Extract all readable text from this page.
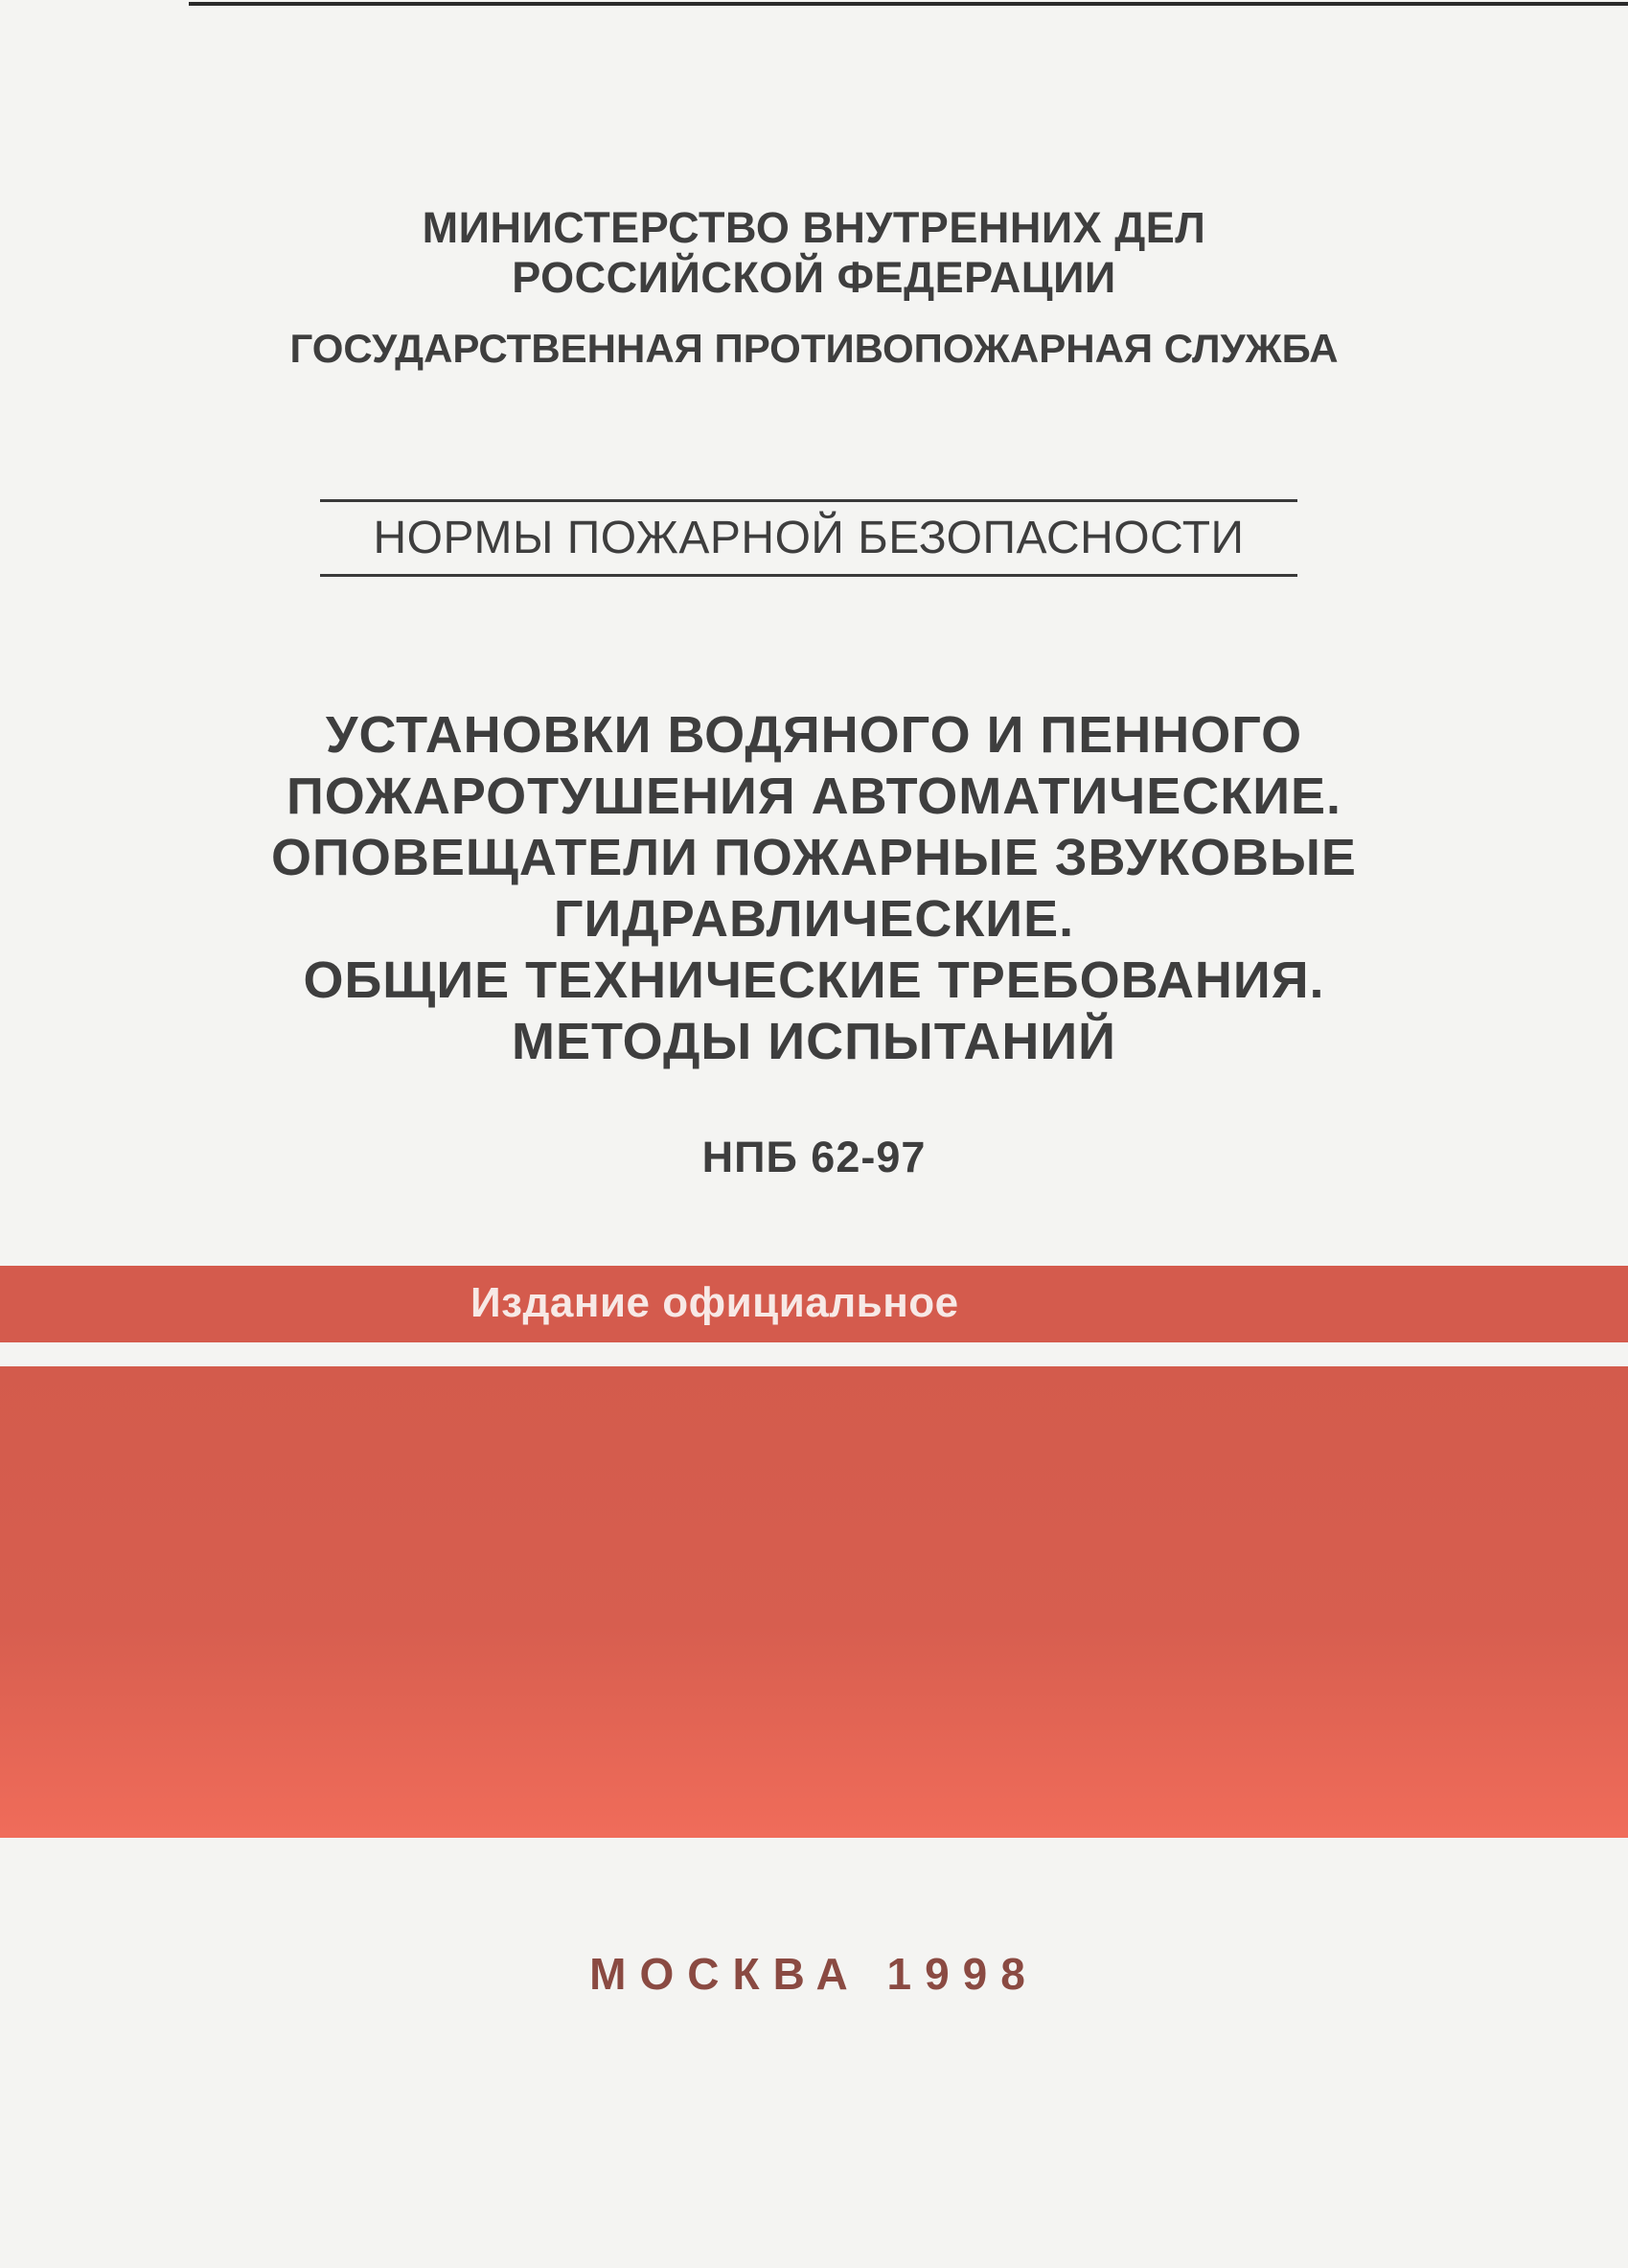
МИНИСТЕРСТВО ВНУТРЕННИХ ДЕЛ
РОССИЙСКОЙ ФЕДЕРАЦИИ
ГОСУДАРСТВЕННАЯ ПРОТИВОПОЖАРНАЯ СЛУЖБА
НОРМЫ ПОЖАРНОЙ БЕЗОПАСНОСТИ
УСТАНОВКИ ВОДЯНОГО И ПЕННОГО
ПОЖАРОТУШЕНИЯ АВТОМАТИЧЕСКИЕ.
ОПОВЕЩАТЕЛИ ПОЖАРНЫЕ ЗВУКОВЫЕ
ГИДРАВЛИЧЕСКИЕ.
ОБЩИЕ ТЕХНИЧЕСКИЕ ТРЕБОВАНИЯ.
МЕТОДЫ ИСПЫТАНИЙ
НПБ 62-97
Издание официальное
МОСКВА 1998
